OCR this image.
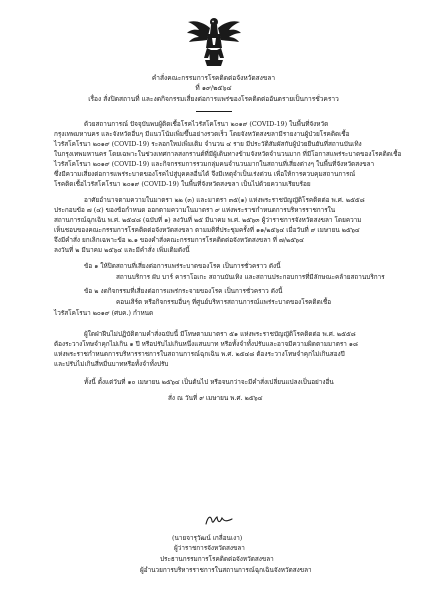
คำสั่งคณะกรรมการโรคติดต่อจังหวัดสงขลา
ที่ ๑๙/๒๕๖๔
เรื่อง สั่งปิดสถานที่ และงดกิจกรรมเสี่ยงต่อการแพร่ของโรคติดต่ออันตรายเป็นการชั่วคราว
ด้วยสถานการณ์ ปัจจุบันพบผู้ติดเชื้อโรคไวรัสโคโรนา ๒๐๑๙ (COVID-19) ในพื้นที่จังหวัด
กรุงเทพมหานคร และจังหวัดอื่นๆ มีแนวโน้มเพิ่มขึ้นอย่างรวดเร็ว โดยจังหวัดสงขลามีรายงานผู้ป่วยโรคติดเชื้อ
ไวรัสโคโรนา ๒๐๑๙ (COVID-19) ระลอกใหม่เพิ่มเติม จำนวน ๔ ราย มีประวัติสัมผัสกับผู้ป่วยยืนยันที่สถานบันเทิง
ในกรุงเทพมหานคร โดยเฉพาะในช่วงเทศกาลสงกรานต์ที่มีผู้เดินทางข้ามจังหวัดจำนวนมาก ที่มีโอกาสแพร่ระบาดของโรคติดเชื้อ
ไวรัสโคโรนา ๒๐๑๙ (COVID-19) และกิจกรรมการรวมกลุ่มคนจำนวนมากในสถานที่เสี่ยงต่างๆ ในพื้นที่จังหวัดสงขลา
ซึ่งมีความเสี่ยงต่อการแพร่ระบาดของโรคไปสู่บุคคลอื่นได้ จึงมีเหตุจำเป็นเร่งด่วน เพื่อให้การควบคุมสถานการณ์
โรคติดเชื้อไวรัสโคโรนา ๒๐๑๙ (COVID-19) ในพื้นที่จังหวัดสงขลา เป็นไปด้วยความเรียบร้อย
อาศัยอำนาจตามความในมาตรา ๒๒ (๓) และมาตรา ๓๕(๑) แห่งพระราชบัญญัติโรคติดต่อ พ.ศ. ๒๕๕๘
ประกอบข้อ ๗ (๔) ของข้อกำหนด ออกตามความในมาตรา ๙ แห่งพระราชกำหนดการบริหารราชการใน
สถานการณ์ฉุกเฉิน พ.ศ. ๒๕๔๘ (ฉบับที่ ๑) ลงวันที่ ๒๕ มีนาคม พ.ศ. ๒๕๖๓ ผู้ว่าราชการจังหวัดสงขลา โดยความ
เห็นชอบของคณะกรรมการโรคติดต่อจังหวัดสงขลา ตามมติที่ประชุมครั้งที่ ๑๑/๒๕๖๔ เมื่อวันที่ ๙ เมษายน ๒๕๖๔
จึงมีคำสั่ง ยกเลิกเฉพาะข้อ ๒.๑ ของคำสั่งคณะกรรมการโรคติดต่อจังหวัดสงขลา ที่ ๗/๒๕๖๔
ลงวันที่ ๒ มีนาคม ๒๕๖๔ และมีคำสั่ง เพิ่มเติมดังนี้
ข้อ ๑ ให้ปิดสถานที่เสี่ยงต่อการแพร่ระบาดของโรค เป็นการชั่วคราว ดังนี้
สถานบริการ ผับ บาร์ คาราโอเกะ สถานบันเทิง และสถานประกอบการที่มีลักษณะคล้ายสถานบริการ
ข้อ ๒ งดกิจกรรมที่เสี่ยงต่อการแพร่กระจายของโรค เป็นการชั่วคราว ดังนี้
คอนเสิร์ต หรือกิจกรรมอื่นๆ ที่ศูนย์บริหารสถานการณ์แพร่ระบาดของโรคติดเชื้อ
ไวรัสโคโรนา ๒๐๑๙ (ศบค.) กำหนด
ผู้ใดฝ่าฝืนไม่ปฏิบัติตามคำสั่งฉบับนี้ มีโทษตามมาตรา ๕๑ แห่งพระราชบัญญัติโรคติดต่อ พ.ศ. ๒๕๕๘
ต้องระวางโทษจำคุกไม่เกิน ๑ ปี หรือปรับไม่เกินหนึ่งแสนบาท หรือทั้งจำทั้งปรับและอาจมีความผิดตามมาตรา ๑๘
แห่งพระราชกำหนดการบริหารราชการในสถานการณ์ฉุกเฉิน พ.ศ. ๒๕๔๘ ต้องระวางโทษจำคุกไม่เกินสองปี
และปรับไม่เกินสี่หมื่นบาทหรือทั้งจำทั้งปรับ
ทั้งนี้ ตั้งแต่วันที่ ๑๐ เมษายน ๒๕๖๔ เป็นต้นไป หรือจนกว่าจะมีคำสั่งเปลี่ยนแปลงเป็นอย่างอื่น
สั่ง ณ วันที่ ๙ เมษายน พ.ศ. ๒๕๖๔
(นายจารุวัฒน์ เกลื่อนเงา)
ผู้ว่าราชการจังหวัดสงขลา
ประธานกรรมการโรคติดต่อจังหวัดสงขลา
ผู้อำนวยการบริหารราชการในสถานการณ์ฉุกเฉินจังหวัดสงขลา
